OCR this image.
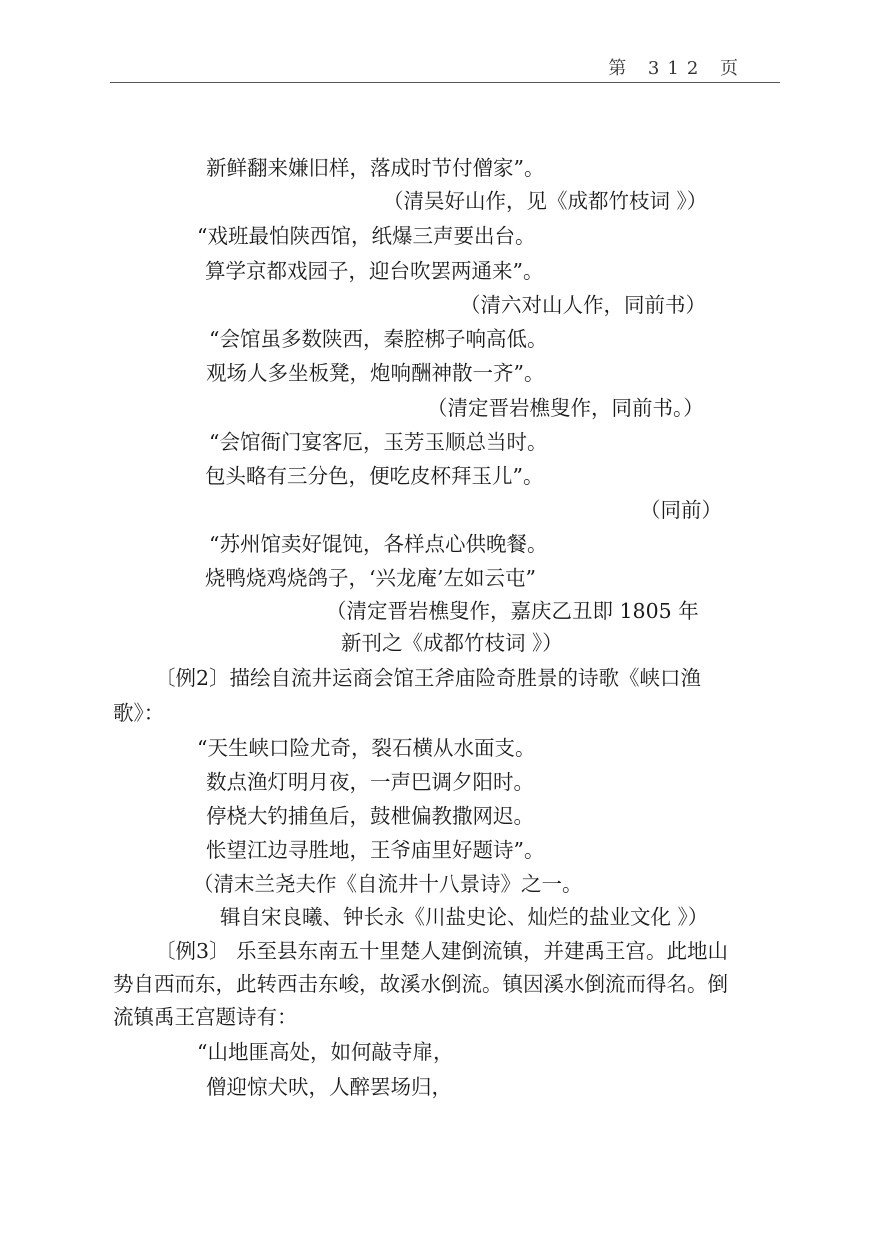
第 312 页
新鲜翻来嫌旧样，落成时节付僧家”。
（清吴好山作，见《成都竹枝词 》）
“戏班最怕陕西馆，纸爆三声要出台。
算学京都戏园子，迎台吹罢两通来”。
（清六对山人作，同前书）
“会馆虽多数陕西，秦腔梆子响高低。
观场人多坐板凳，炮响酬神散一齐”。
（清定晋岩樵叟作，同前书。）
“会馆衙门宴客厄，玉芳玉顺总当时。
包头略有三分色，便吃皮杯拜玉儿”。
（同前）
“苏州馆卖好馄饨，各样点心供晚餐。
烧鸭烧鸡烧鸽子，‘兴龙庵’左如云屯”
（清定晋岩樵叟作，嘉庆乙丑即 1805 年
新刊之《成都竹枝词 》）
〔例2〕描绘自流井运商会馆王斧庙险奇胜景的诗歌《峡口渔
歌》：
“天生峡口险尤奇，裂石横从水面支。
数点渔灯明月夜，一声巴调夕阳时。
停桡大钓捕鱼后，鼓枻偏教撒网迟。
怅望江边寻胜地，王爷庙里好题诗”。
（清末兰尧夫作《自流井十八景诗》之一。
辑自宋良曦、钟长永《川盐史论、灿烂的盐业文化 》）
〔例3〕 乐至县东南五十里楚人建倒流镇，并建禹王宫。此地山
势自西而东，此转西击东峻，故溪水倒流。镇因溪水倒流而得名。倒
流镇禹王宫题诗有：
“山地匪高处，如何敲寺扉，
僧迎惊犬吠，人醉罢场归，
